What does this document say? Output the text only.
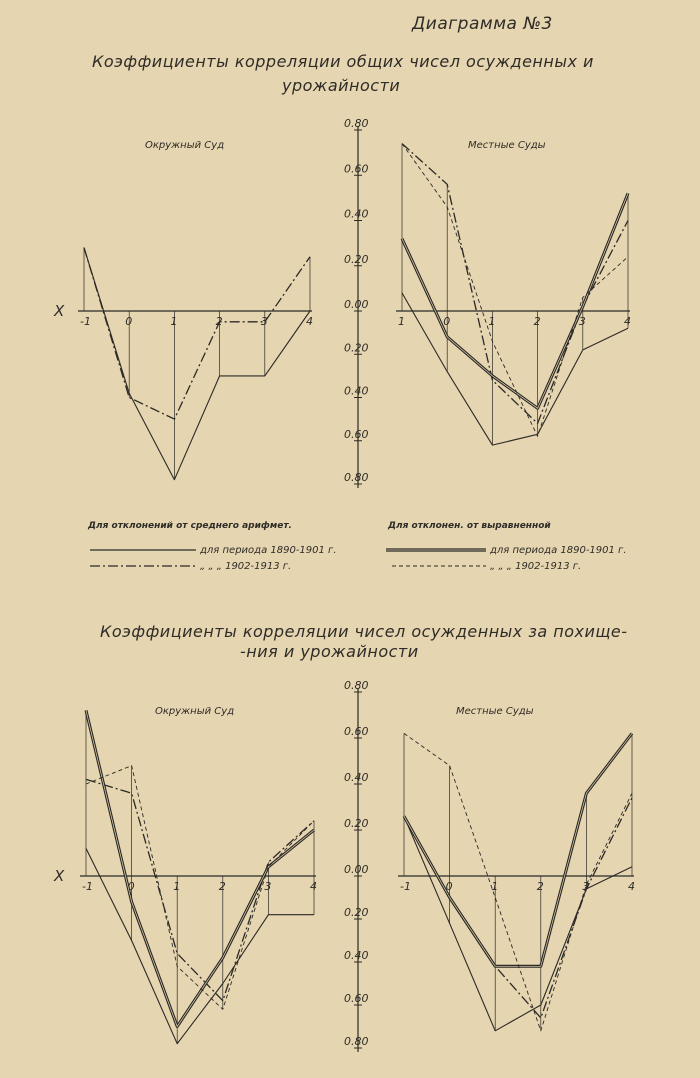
Диаграмма №3
Коэффициенты корреляции общих чисел осужденных и
урожайности
Коэффициенты корреляции чисел осужденных за похище-
-ния и урожайности
0.80
0.60
0.40
0.20
0.00
0.20
0.40
0.60
0.80
X
Окружный Суд
-1	0	1	2	3	4
Местные Суды
1	0	1	2	3	4
0.80
0.60
0.40
0.20
0.00
0.20
0.40
0.60
0.80
X
Окружный Суд
-1	0	1	2	3	4
Местные Суды
-1	0	1	2	3	4
Для отклонений от среднего арифмет.	Для отклонен. от выравненной
для периода 1890-1901 г.
„ „ „ 1902-1913 г.
для периода 1890-1901 г.
„ „ „ 1902-1913 г.
